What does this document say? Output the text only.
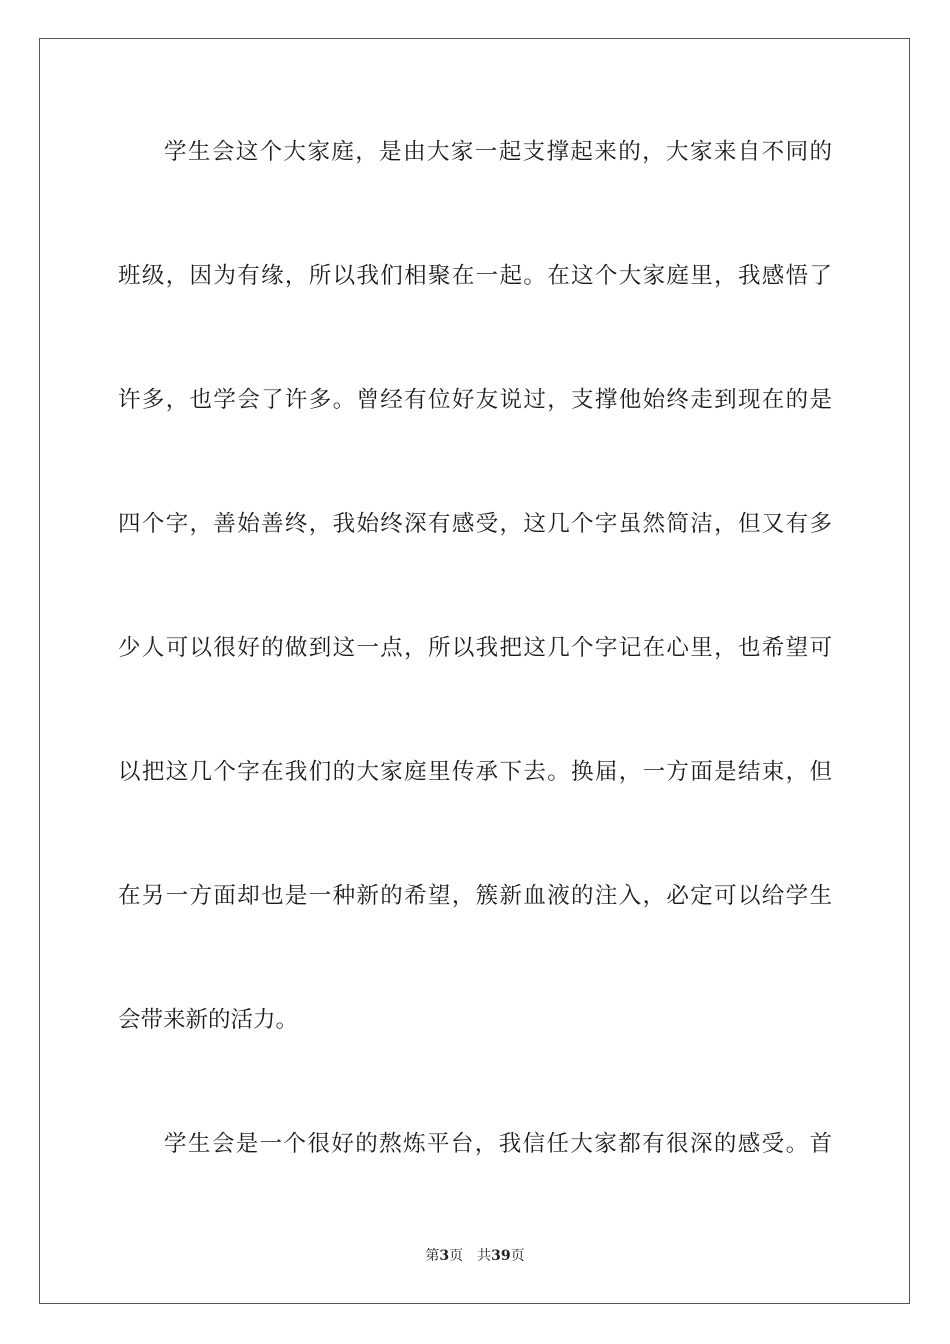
学生会这个大家庭，是由大家一起支撑起来的，大家来自不同的
班级，因为有缘，所以我们相聚在一起。在这个大家庭里，我感悟了
许多，也学会了许多。曾经有位好友说过，支撑他始终走到现在的是
四个字，善始善终，我始终深有感受，这几个字虽然简洁，但又有多
少人可以很好的做到这一点，所以我把这几个字记在心里，也希望可
以把这几个字在我们的大家庭里传承下去。换届，一方面是结束，但
在另一方面却也是一种新的希望，簇新血液的注入，必定可以给学生
会带来新的活力。
学生会是一个很好的熬炼平台，我信任大家都有很深的感受。首
第3页 共39页
